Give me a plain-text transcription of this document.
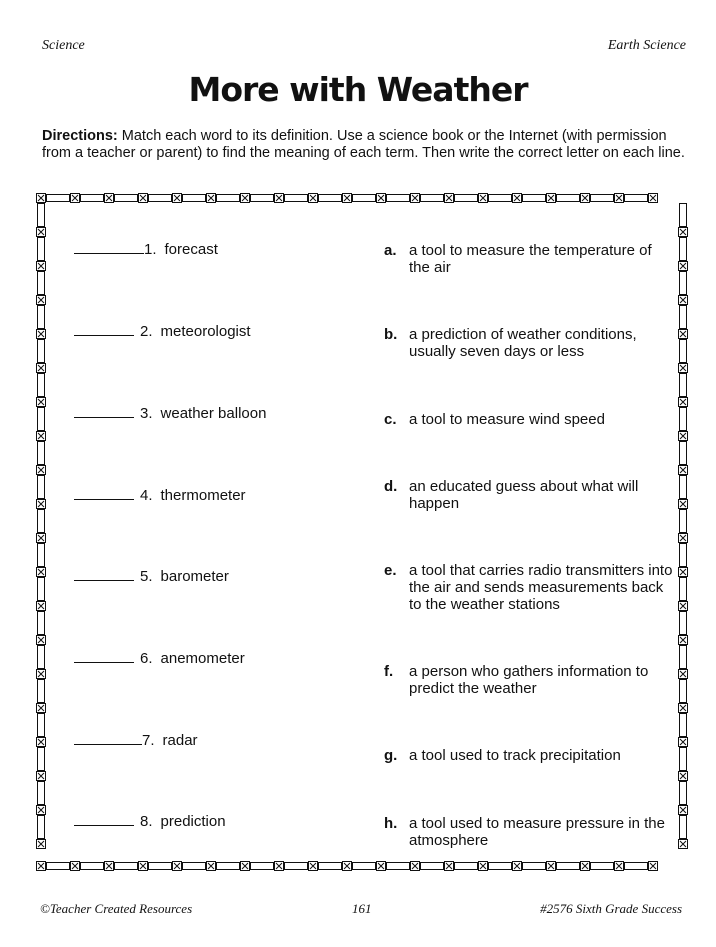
Science	Earth Science
More with Weather
Directions: Match each word to its definition. Use a science book or the Internet (with permission from a teacher or parent) to find the meaning of each term. Then write the correct letter on each line.
1. forecast
2. meteorologist
3. weather balloon
4. thermometer
5. barometer
6. anemometer
7. radar
8. prediction
a. a tool to measure the temperature of the air
b. a prediction of weather conditions, usually seven days or less
c. a tool to measure wind speed
d. an educated guess about what will happen
e. a tool that carries radio transmitters into the air and sends measurements back to the weather stations
f. a person who gathers information to predict the weather
g. a tool used to track precipitation
h. a tool used to measure pressure in the atmosphere
©Teacher Created Resources	161	#2576 Sixth Grade Success
